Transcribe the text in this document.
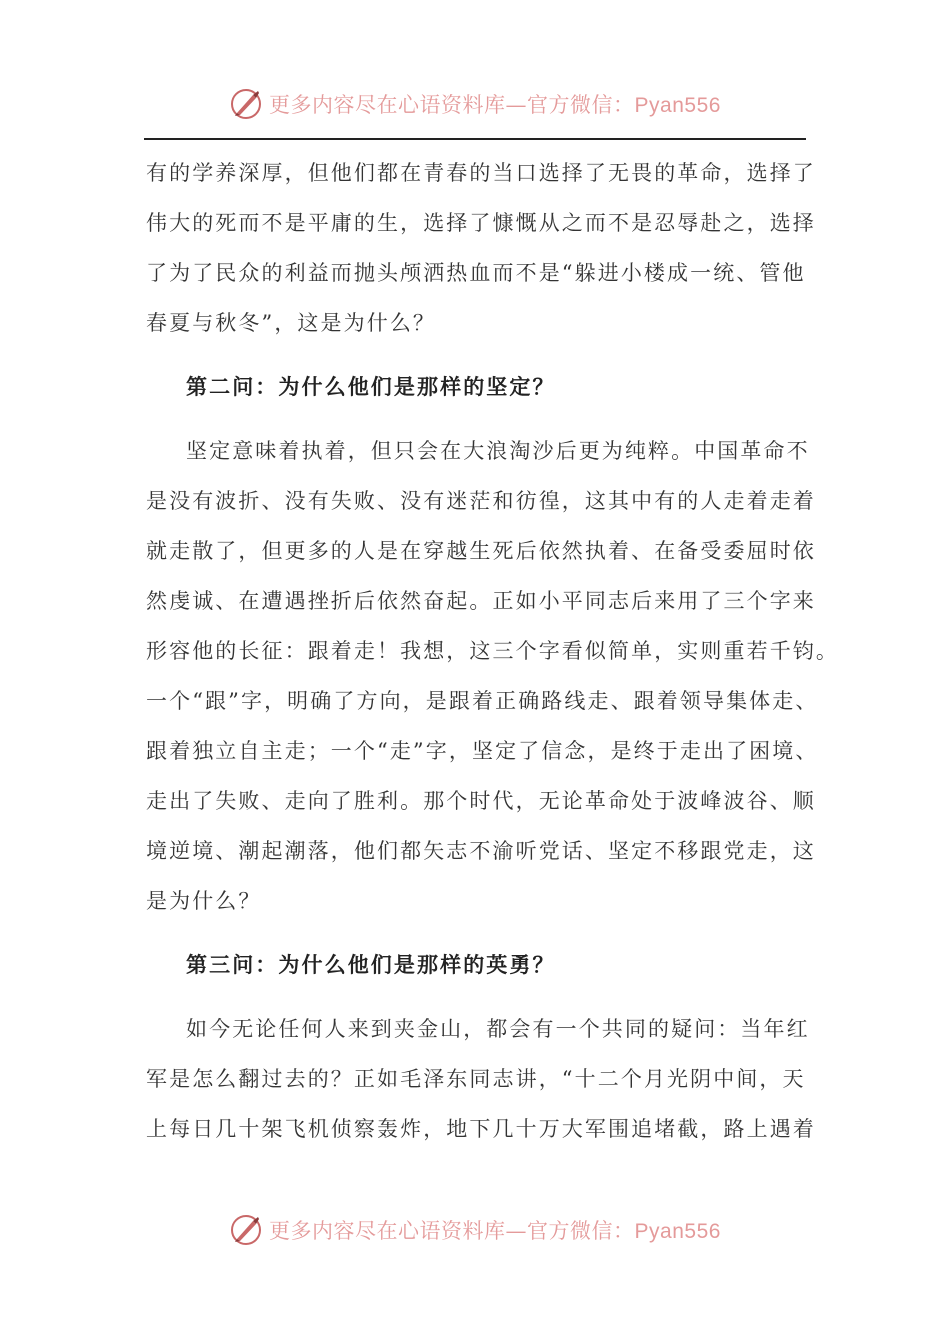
更多内容尽在心语资料库—官方微信：Pyan556
有的学养深厚，但他们都在青春的当口选择了无畏的革命，选择了
伟大的死而不是平庸的生，选择了慷慨从之而不是忍辱赴之，选择
了为了民众的利益而抛头颅洒热血而不是“躲进小楼成一统、管他
春夏与秋冬”，这是为什么？
第二问：为什么他们是那样的坚定？
坚定意味着执着，但只会在大浪淘沙后更为纯粹。中国革命不
是没有波折、没有失败、没有迷茫和彷徨，这其中有的人走着走着
就走散了，但更多的人是在穿越生死后依然执着、在备受委屈时依
然虔诚、在遭遇挫折后依然奋起。正如小平同志后来用了三个字来
形容他的长征：跟着走！我想，这三个字看似简单，实则重若千钧。
一个“跟”字，明确了方向，是跟着正确路线走、跟着领导集体走、
跟着独立自主走；一个“走”字，坚定了信念，是终于走出了困境、
走出了失败、走向了胜利。那个时代，无论革命处于波峰波谷、顺
境逆境、潮起潮落，他们都矢志不渝听党话、坚定不移跟党走，这
是为什么？
第三问：为什么他们是那样的英勇？
如今无论任何人来到夹金山，都会有一个共同的疑问：当年红
军是怎么翻过去的？正如毛泽东同志讲，“十二个月光阴中间，天
上每日几十架飞机侦察轰炸，地下几十万大军围追堵截，路上遇着
更多内容尽在心语资料库—官方微信：Pyan556
